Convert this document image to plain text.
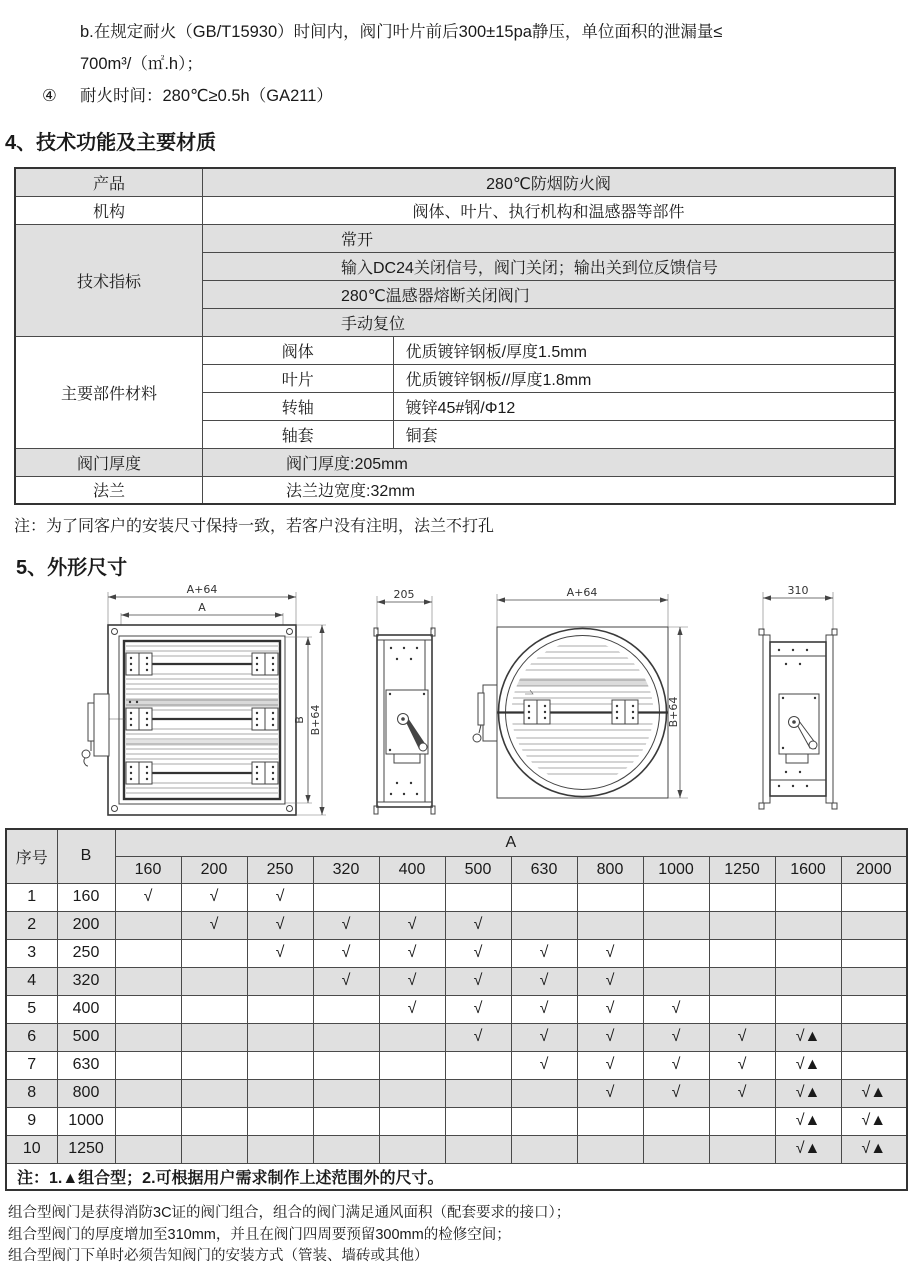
b.在规定耐火（GB/T15930）时间内，阀门叶片前后300±15pa静压，单位面积的泄漏量≤
700m³/（㎡.h）；
④ 耐火时间：280℃≥0.5h（GA211）
4、技术功能及主要材质
产品	280℃防烟防火阀	
机构	阀体、叶片、执行机构和温感器等部件	
技术指标	常开	
	输入DC24关闭信号，阀门关闭；输出关到位反馈信号	
	280℃温感器熔断关闭阀门	
	手动复位	
主要部件材料	阀体	优质镀锌钢板/厚度1.5mm
	叶片	优质镀锌钢板//厚度1.8mm
	转轴	镀锌45#钢/Φ12
	轴套	铜套
阀门厚度	阀门厚度:205mm	
法兰	法兰边宽度:32mm	
注：为了同客户的安装尺寸保持一致，若客户没有注明，法兰不打孔
5、外形尺寸
A+64
A
B B+64
205	A+64
B+64
310
序号	B	A											
		160	200	250	320	400	500	630	800	1000	1250	1600	2000
1	160	√	√	√									
2	200		√	√	√	√	√						
3	250			√	√	√	√	√	√				
4	320				√	√	√	√	√				
5	400					√	√	√	√	√			
6	500						√	√	√	√	√	√▲	
7	630							√	√	√	√	√▲	
8	800								√	√	√	√▲	√▲
9	1000											√▲	√▲
10	1250											√▲	√▲
注：1.▲组合型；2.可根据用户需求制作上述范围外的尺寸。													
组合型阀门是获得消防3C证的阀门组合，组合的阀门满足通风面积（配套要求的接口）；
组合型阀门的厚度增加至310mm，并且在阀门四周要预留300mm的检修空间；
组合型阀门下单时必须告知阀门的安装方式（管装、墙砖或其他）
